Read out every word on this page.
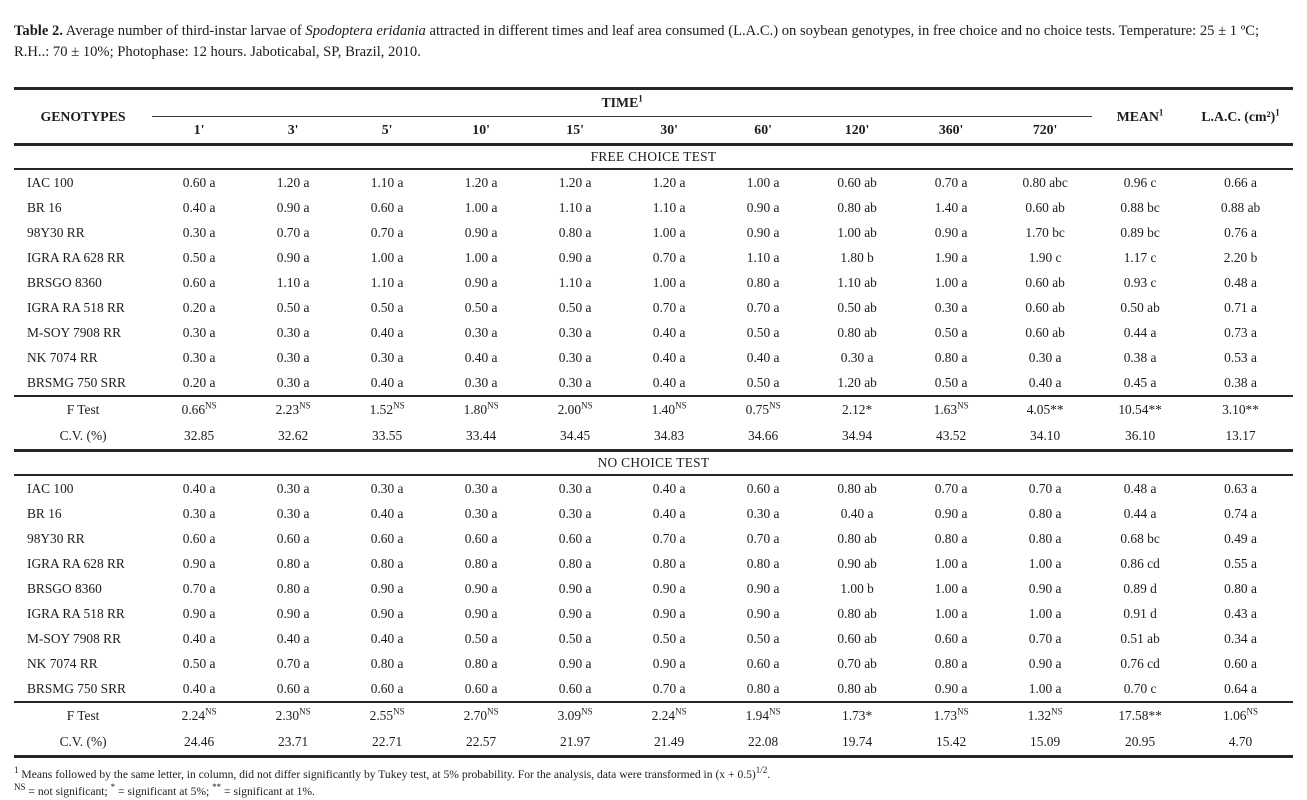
Table 2. Average number of third-instar larvae of Spodoptera eridania attracted in different times and leaf area consumed (L.A.C.) on soybean genotypes, in free choice and no choice tests. Temperature: 25 ± 1 ºC; R.H..: 70 ± 10%; Photophase: 12 hours. Jaboticabal, SP, Brazil, 2010.

GENOTYPES	TIME$^1$										MEAN$^1$	L.A.C. $(cm^2)^1$
	1'	3'	5'	10'	15'	30'	60'	120'	360'	720'		
FREE CHOICE TEST												
IAC 100	0.60 a	1.20 a	1.10 a	1.20 a	1.20 a	1.20 a	1.00 a	0.60 ab	0.70 a	0.80 abc	0.96 c	0.66 a
BR 16	0.40 a	0.90 a	0.60 a	1.00 a	1.10 a	1.10 a	0.90 a	0.80 ab	1.40 a	0.60 ab	0.88 bc	0.88 ab
98Y30 RR	0.30 a	0.70 a	0.70 a	0.90 a	0.80 a	1.00 a	0.90 a	1.00 ab	0.90 a	1.70 bc	0.89 bc	0.76 a
IGRA RA 628 RR	0.50 a	0.90 a	1.00 a	1.00 a	0.90 a	0.70 a	1.10 a	1.80 b	1.90 a	1.90 c	1.17 c	2.20 b
BRSGO 8360	0.60 a	1.10 a	1.10 a	0.90 a	1.10 a	1.00 a	0.80 a	1.10 ab	1.00 a	0.60 ab	0.93 c	0.48 a
IGRA RA 518 RR	0.20 a	0.50 a	0.50 a	0.50 a	0.50 a	0.70 a	0.70 a	0.50 ab	0.30 a	0.60 ab	0.50 ab	0.71 a
M-SOY 7908 RR	0.30 a	0.30 a	0.40 a	0.30 a	0.30 a	0.40 a	0.50 a	0.80 ab	0.50 a	0.60 ab	0.44 a	0.73 a
NK 7074 RR	0.30 a	0.30 a	0.30 a	0.40 a	0.30 a	0.40 a	0.40 a	0.30 a	0.80 a	0.30 a	0.38 a	0.53 a
BRSMG 750 SRR	0.20 a	0.30 a	0.40 a	0.30 a	0.30 a	0.40 a	0.50 a	1.20 ab	0.50 a	0.40 a	0.45 a	0.38 a
F Test	$0.66^{NS}$	$2.23^{NS}$	$1.52^{NS}$	$1.80^{NS}$	$2.00^{NS}$	$1.40^{NS}$	$0.75^{NS}$	2.12*	$1.63^{NS}$	4.05**	10.54**	3.10**
C.V. (%)	32.85	32.62	33.55	33.44	34.45	34.83	34.66	34.94	43.52	34.10	36.10	13.17
NO CHOICE TEST												
IAC 100	0.40 a	0.30 a	0.30 a	0.30 a	0.30 a	0.40 a	0.60 a	0.80 ab	0.70 a	0.70 a	0.48 a	0.63 a
BR 16	0.30 a	0.30 a	0.40 a	0.30 a	0.30 a	0.40 a	0.30 a	0.40 a	0.90 a	0.80 a	0.44 a	0.74 a
98Y30 RR	0.60 a	0.60 a	0.60 a	0.60 a	0.60 a	0.70 a	0.70 a	0.80 ab	0.80 a	0.80 a	0.68 bc	0.49 a
IGRA RA 628 RR	0.90 a	0.80 a	0.80 a	0.80 a	0.80 a	0.80 a	0.80 a	0.90 ab	1.00 a	1.00 a	0.86 cd	0.55 a
BRSGO 8360	0.70 a	0.80 a	0.90 a	0.90 a	0.90 a	0.90 a	0.90 a	1.00 b	1.00 a	0.90 a	0.89 d	0.80 a
IGRA RA 518 RR	0.90 a	0.90 a	0.90 a	0.90 a	0.90 a	0.90 a	0.90 a	0.80 ab	1.00 a	1.00 a	0.91 d	0.43 a
M-SOY 7908 RR	0.40 a	0.40 a	0.40 a	0.50 a	0.50 a	0.50 a	0.50 a	0.60 ab	0.60 a	0.70 a	0.51 ab	0.34 a
NK 7074 RR	0.50 a	0.70 a	0.80 a	0.80 a	0.90 a	0.90 a	0.60 a	0.70 ab	0.80 a	0.90 a	0.76 cd	0.60 a
BRSMG 750 SRR	0.40 a	0.60 a	0.60 a	0.60 a	0.60 a	0.70 a	0.80 a	0.80 ab	0.90 a	1.00 a	0.70 c	0.64 a
F Test	$2.24^{NS}$	$2.30^{NS}$	$2.55^{NS}$	$2.70^{NS}$	$3.09^{NS}$	$2.24^{NS}$	$1.94^{NS}$	1.73*	$1.73^{NS}$	$1.32^{NS}$	17.58**	$1.06^{NS}$
C.V. (%)	24.46	23.71	22.71	22.57	21.97	21.49	22.08	19.74	15.42	15.09	20.95	4.70

$^1$ Means followed by the same letter, in column, did not differ significantly by Tukey test, at 5% probability. For the analysis, data were transformed in (x + 0.5)$^{1/2}$.

$^{NS}$ = not significant; * = significant at 5%; ** = significant at 1%.
